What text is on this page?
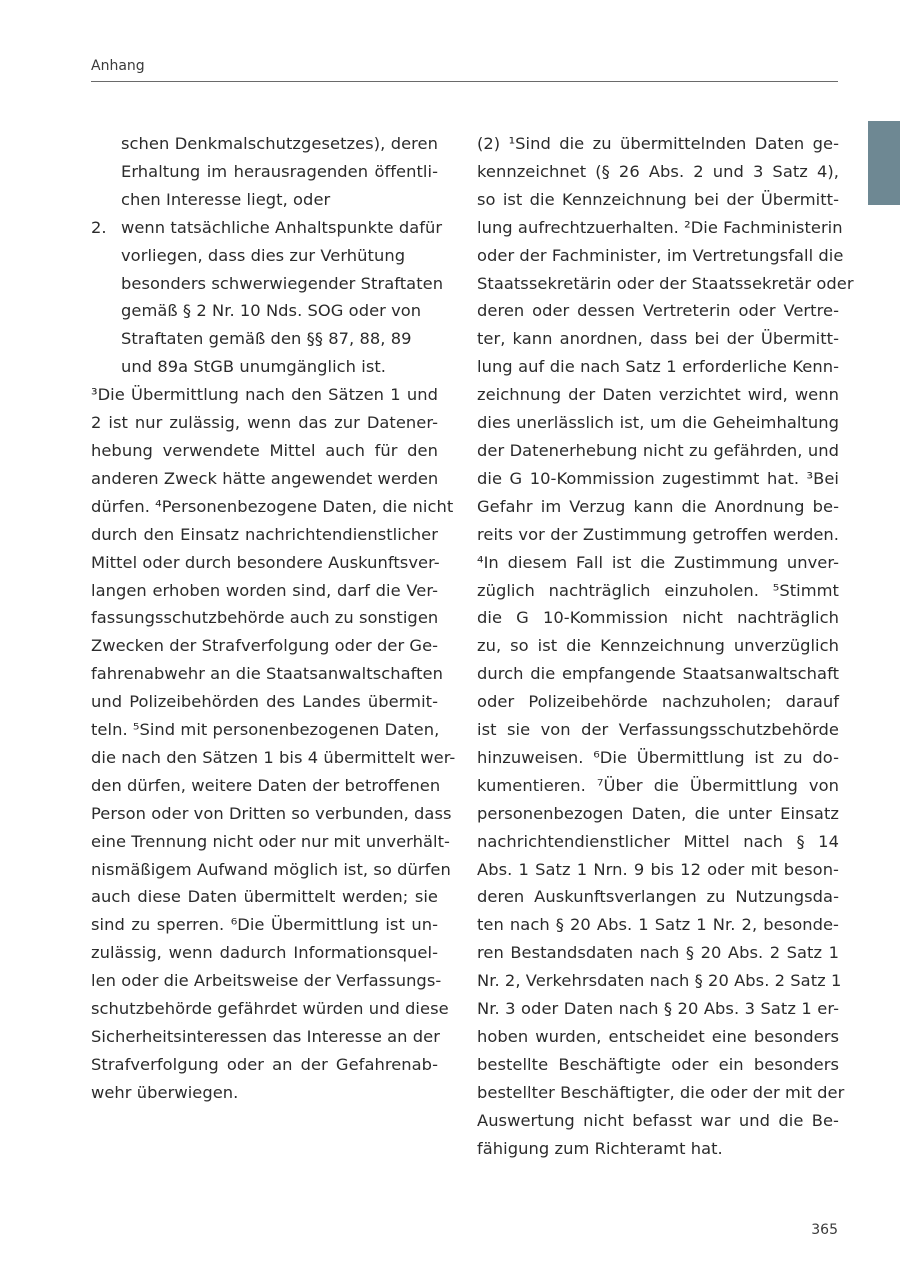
Anhang
schen Denkmalschutzgesetzes), deren
Erhaltung im herausragenden öffentli-
chen Interesse liegt, oder
2. wenn tatsächliche Anhaltspunkte dafür
vorliegen, dass dies zur Verhütung
besonders schwerwiegender Straftaten
gemäß § 2 Nr. 10 Nds. SOG oder von
Straftaten gemäß den §§ 87, 88, 89
und 89a StGB unumgänglich ist.
³Die Übermittlung nach den Sätzen 1 und
2 ist nur zulässig, wenn das zur Datener-
hebung verwendete Mittel auch für den
anderen Zweck hätte angewendet werden
dürfen. ⁴Personenbezogene Daten, die nicht
durch den Einsatz nachrichtendienstlicher
Mittel oder durch besondere Auskunftsver-
langen erhoben worden sind, darf die Ver-
fassungsschutzbehörde auch zu sonstigen
Zwecken der Strafverfolgung oder der Ge-
fahrenabwehr an die Staatsanwaltschaften
und Polizeibehörden des Landes übermit-
teln. ⁵Sind mit personenbezogenen Daten,
die nach den Sätzen 1 bis 4 übermittelt wer-
den dürfen, weitere Daten der betroffenen
Person oder von Dritten so verbunden, dass
eine Trennung nicht oder nur mit unverhält-
nismäßigem Aufwand möglich ist, so dürfen
auch diese Daten übermittelt werden; sie
sind zu sperren. ⁶Die Übermittlung ist un-
zulässig, wenn dadurch Informationsquel-
len oder die Arbeitsweise der Verfassungs-
schutzbehörde gefährdet würden und diese
Sicherheitsinteressen das Interesse an der
Strafverfolgung oder an der Gefahrenab-
wehr überwiegen.
(2) ¹Sind die zu übermittelnden Daten ge-
kennzeichnet (§ 26 Abs. 2 und 3 Satz 4),
so ist die Kennzeichnung bei der Übermitt-
lung aufrechtzuerhalten. ²Die Fachministerin
oder der Fachminister, im Vertretungsfall die
Staatssekretärin oder der Staatssekretär oder
deren oder dessen Vertreterin oder Vertre-
ter, kann anordnen, dass bei der Übermitt-
lung auf die nach Satz 1 erforderliche Kenn-
zeichnung der Daten verzichtet wird, wenn
dies unerlässlich ist, um die Geheimhaltung
der Datenerhebung nicht zu gefährden, und
die G 10-Kommission zugestimmt hat. ³Bei
Gefahr im Verzug kann die Anordnung be-
reits vor der Zustimmung getroffen werden.
⁴In diesem Fall ist die Zustimmung unver-
züglich nachträglich einzuholen. ⁵Stimmt
die G 10-Kommission nicht nachträglich
zu, so ist die Kennzeichnung unverzüglich
durch die empfangende Staatsanwaltschaft
oder Polizeibehörde nachzuholen; darauf
ist sie von der Verfassungsschutzbehörde
hinzuweisen. ⁶Die Übermittlung ist zu do-
kumentieren. ⁷Über die Übermittlung von
personenbezogen Daten, die unter Einsatz
nachrichtendienstlicher Mittel nach § 14
Abs. 1 Satz 1 Nrn. 9 bis 12 oder mit beson-
deren Auskunftsverlangen zu Nutzungsda-
ten nach § 20 Abs. 1 Satz 1 Nr. 2, besonde-
ren Bestandsdaten nach § 20 Abs. 2 Satz 1
Nr. 2, Verkehrsdaten nach § 20 Abs. 2 Satz 1
Nr. 3 oder Daten nach § 20 Abs. 3 Satz 1 er-
hoben wurden, entscheidet eine besonders
bestellte Beschäftigte oder ein besonders
bestellter Beschäftigter, die oder der mit der
Auswertung nicht befasst war und die Be-
fähigung zum Richteramt hat.
365
